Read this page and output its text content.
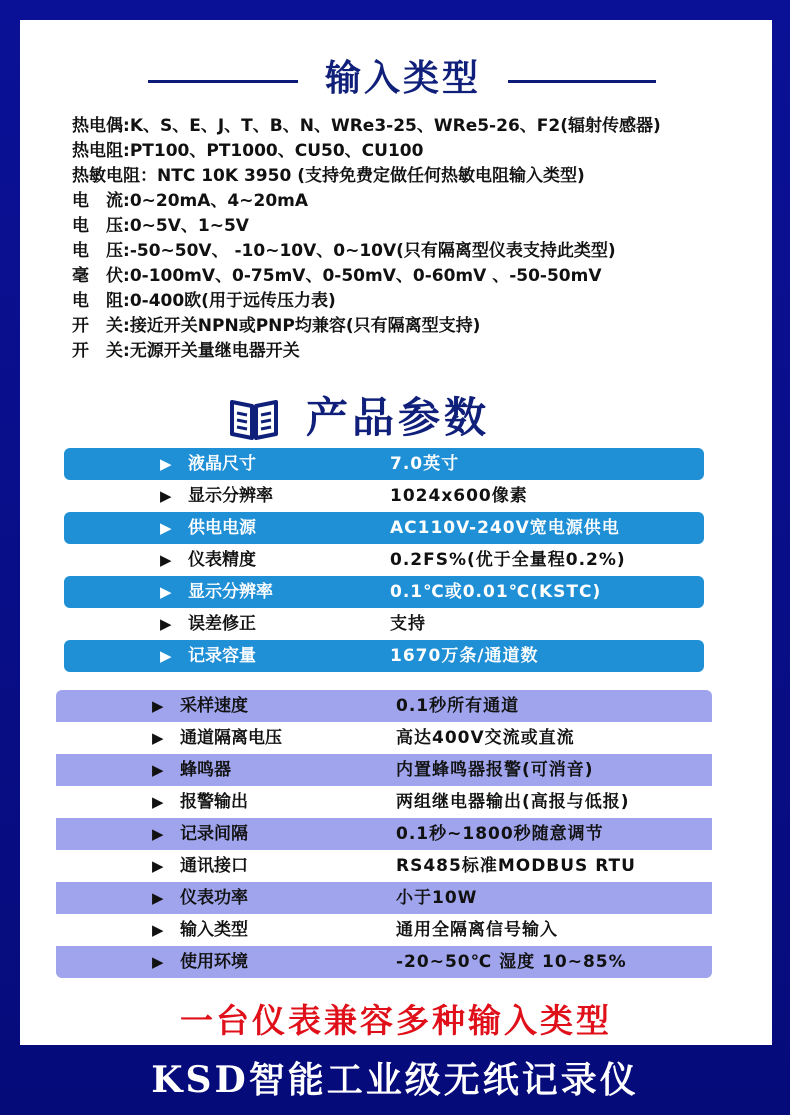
输入类型
热电偶:K、S、E、J、T、B、N、WRe3-25、WRe5-26、F2(辐射传感器)
热电阻:PT100、PT1000、CU50、CU100
热敏电阻：NTC 10K 3950 (支持免费定做任何热敏电阻输入类型)
电　流:0~20mA、4~20mA
电　压:0~5V、1~5V
电　压:-50~50V、 -10~10V、0~10V(只有隔离型仪表支持此类型)
毫　伏:0-100mV、0-75mV、0-50mV、0-60mV 、-50-50mV
电　阻:0-400欧(用于远传压力表)
开　关:接近开关NPN或PNP均兼容(只有隔离型支持)
开　关:无源开关量继电器开关
产品参数
▶ 液晶尺寸	7.0英寸
▶ 显示分辨率	1024x600像素
▶ 供电电源	AC110V-240V宽电源供电
▶ 仪表精度	0.2FS%(优于全量程0.2%)
▶ 显示分辨率	0.1℃或0.01℃(KSTC)
▶ 误差修正	支持
▶ 记录容量	1670万条/通道数
▶ 采样速度	0.1秒所有通道
▶ 通道隔离电压	高达400V交流或直流
▶ 蜂鸣器	内置蜂鸣器报警(可消音)
▶ 报警输出	两组继电器输出(高报与低报)
▶ 记录间隔	0.1秒~1800秒随意调节
▶ 通讯接口	RS485标准MODBUS RTU
▶ 仪表功率	小于10W
▶ 输入类型	通用全隔离信号输入
▶ 使用环境	-20~50℃ 湿度 10~85%
一台仪表兼容多种输入类型
KSD智能工业级无纸记录仪
